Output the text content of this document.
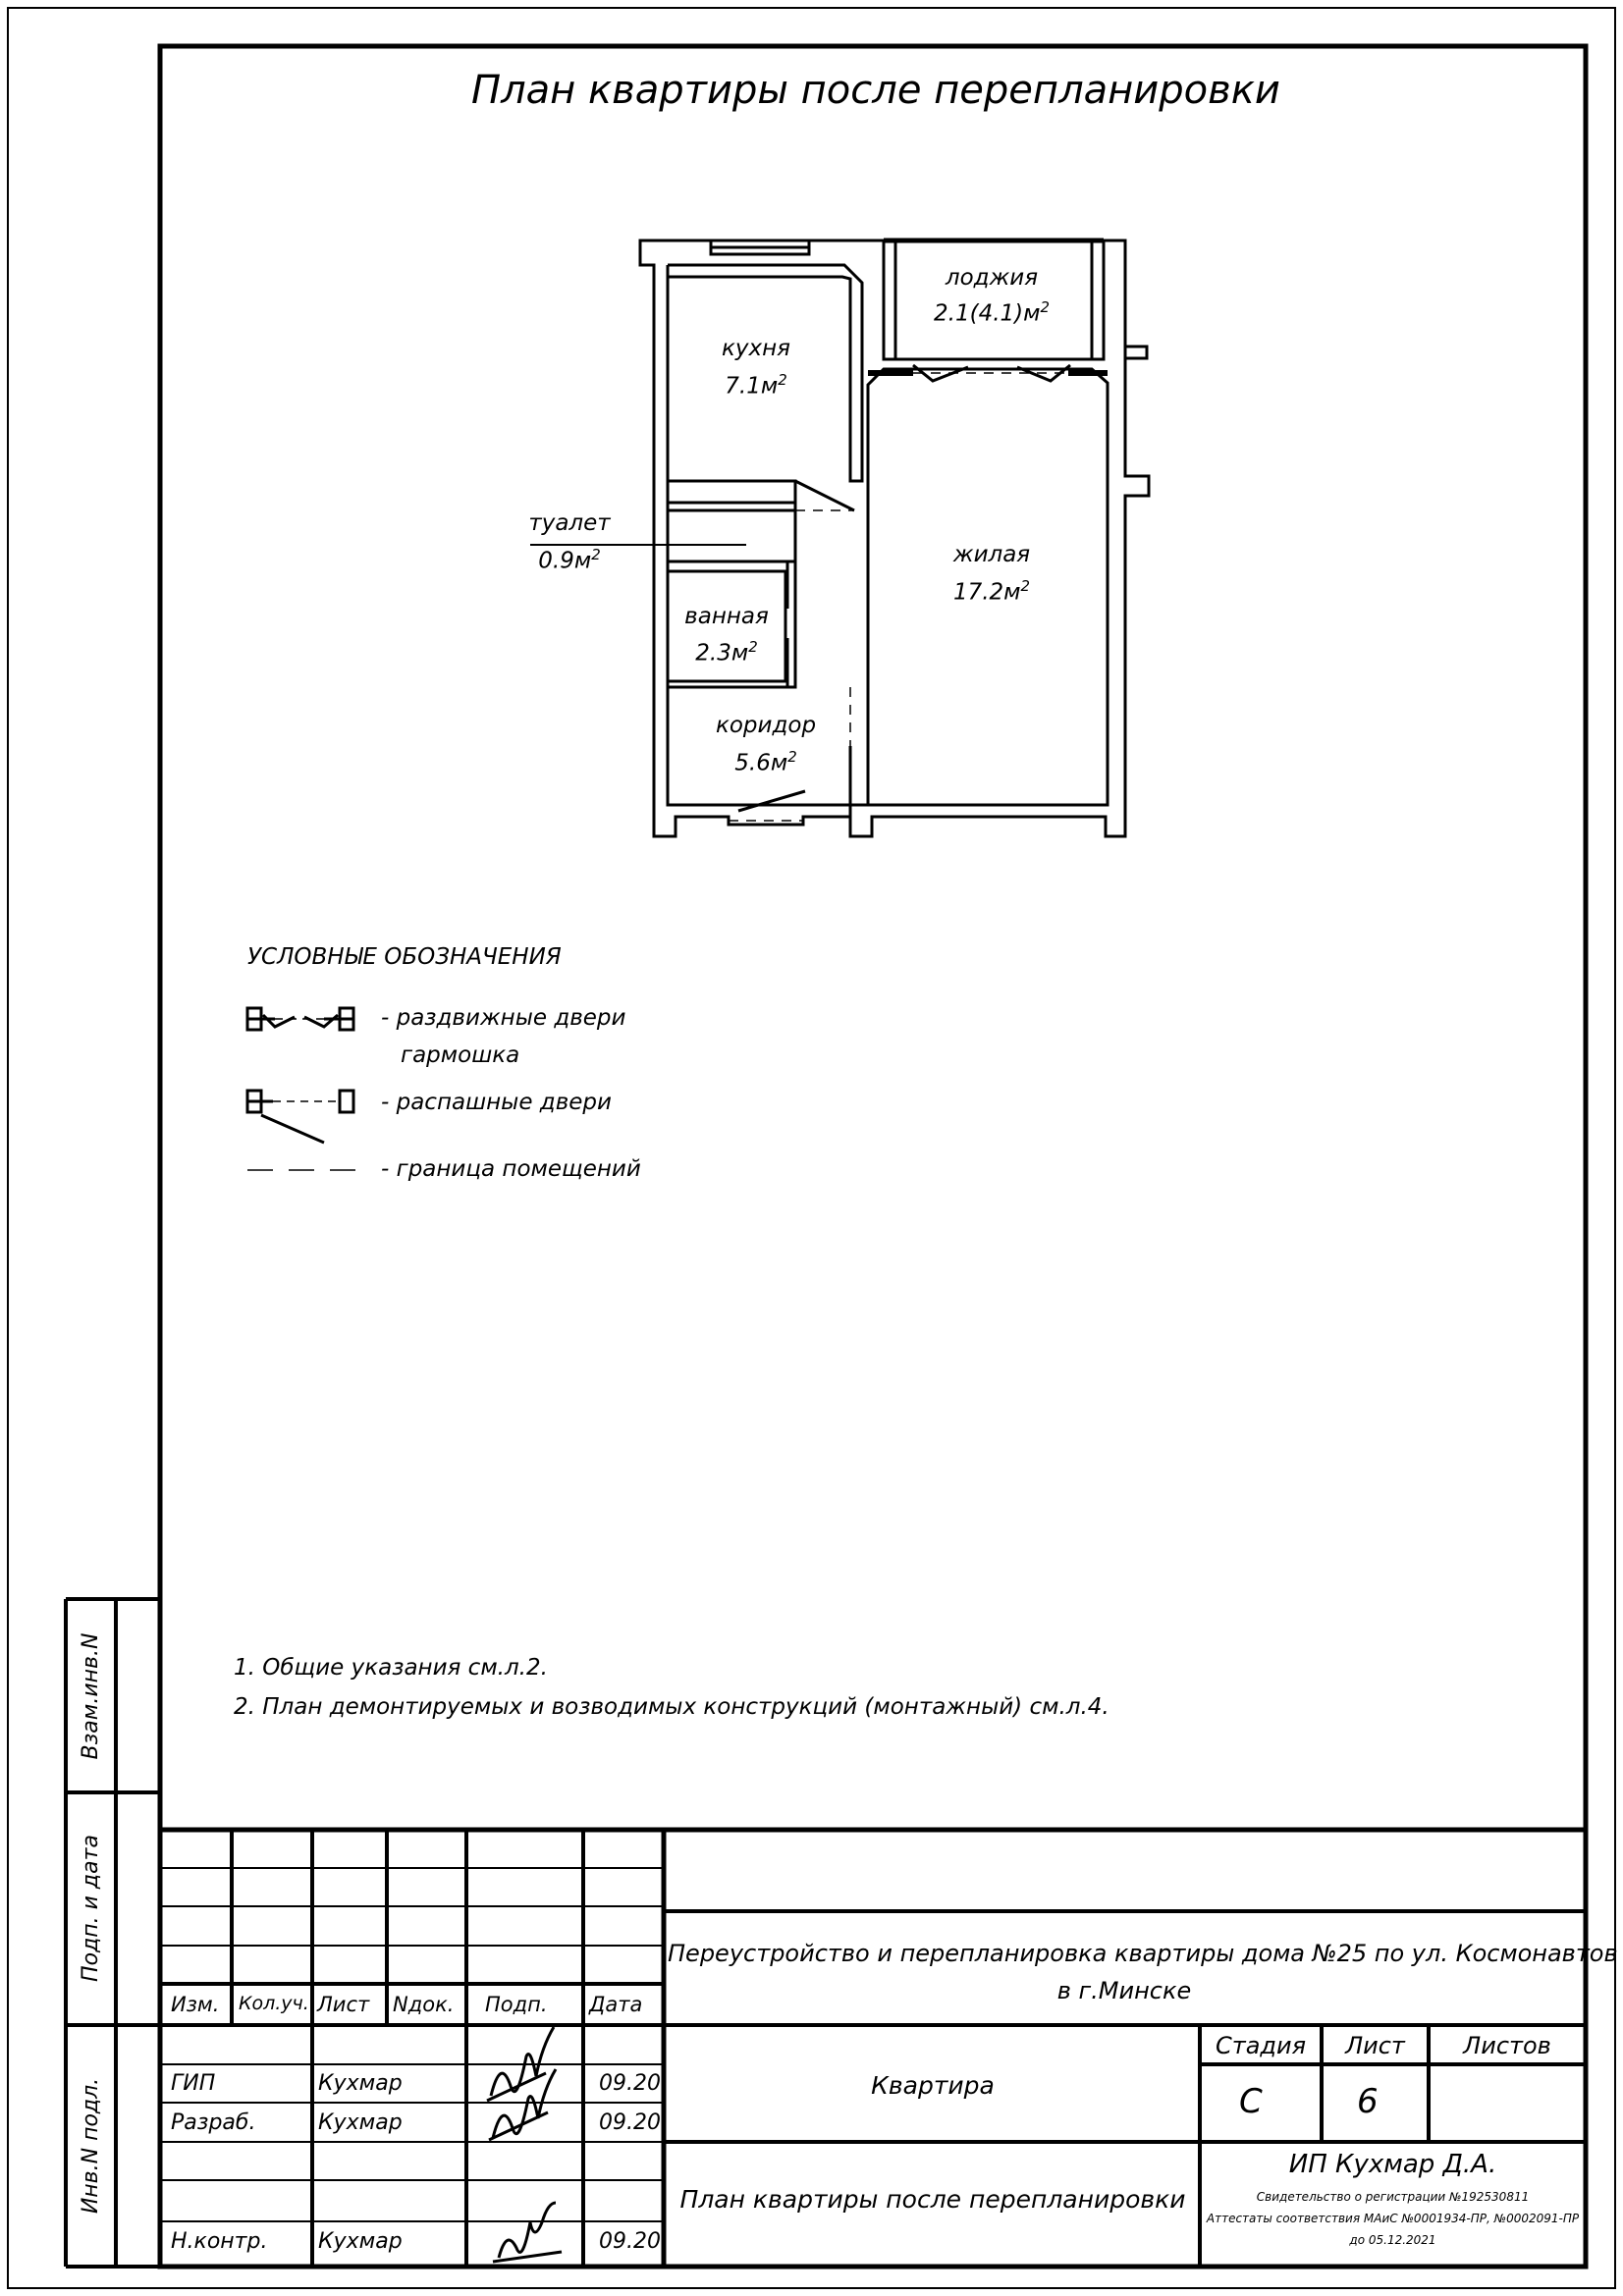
План квартиры после перепланировки
лоджия
$2.1(4.1)м^2$
кухня
$7.1м^2$
туалет
$0.9м^2$
ванная
$2.3м^2$
жилая
$17.2м^2$
коридор
$5.6м^2$
УСЛОВНЫЕ ОБОЗНАЧЕНИЯ
- раздвижные двери
гармошка
- распашные двери
- граница помещений
1. Общие указания см.л.2.
2. План демонтируемых и возводимых конструкций (монтажный) см.л.4.
Взам.инв.N
Подп. и дата
Инв.N подл.
Изм. Кол.уч. Лист Nдок. Подп. Дата
ГИП	Кухмар	09.20
Разраб.	Кухмар	09.20
Н.контр. Кухмар	09.20
Переустройство и перепланировка квартиры дома №25 по ул. Космонавтов
в г.Минске
Квартира
План квартиры после перепланировки
Стадия	Лист	Листов
С	6
ИП Кухмар Д.А.
Свидетельство о регистрации №192530811
Аттестаты соответствия МАиС №0001934-ПР, №0002091-ПР
до 05.12.2021
